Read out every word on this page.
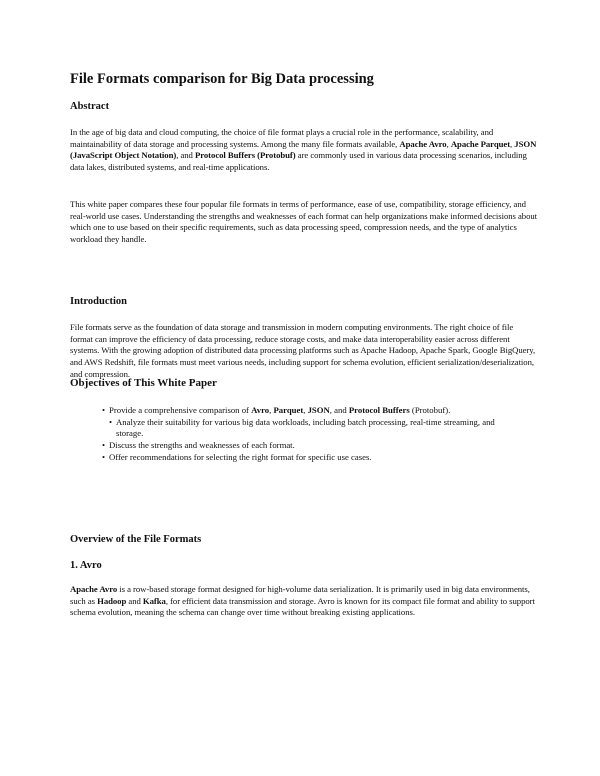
File Formats comparison for Big Data processing
Abstract

In the age of big data and cloud computing, the choice of file format plays a crucial role in the performance, scalability, and maintainability of data storage and processing systems. Among the many file formats available, Apache Avro, Apache Parquet, JSON (JavaScript Object Notation), and Protocol Buffers (Protobuf) are commonly used in various data processing scenarios, including data lakes, distributed systems, and real-time applications.

This white paper compares these four popular file formats in terms of performance, ease of use, compatibility, storage efficiency, and real-world use cases. Understanding the strengths and weaknesses of each format can help organizations make informed decisions about which one to use based on their specific requirements, such as data processing speed, compression needs, and the type of analytics workload they handle.

Introduction

File formats serve as the foundation of data storage and transmission in modern computing environments. The right choice of file format can improve the efficiency of data processing, reduce storage costs, and make data interoperability easier across different systems. With the growing adoption of distributed data processing platforms such as Apache Hadoop, Apache Spark, Google BigQuery, and AWS Redshift, file formats must meet various needs, including support for schema evolution, efficient serialization/deserialization, and compression.

Objectives of This White Paper
• Provide a comprehensive comparison of Avro, Parquet, JSON, and Protocol Buffers (Protobuf).
• Analyze their suitability for various big data workloads, including batch processing, real-time streaming, and storage.
• Discuss the strengths and weaknesses of each format.
• Offer recommendations for selecting the right format for specific use cases.
Overview of the File Formats
1. Avro

Apache Avro is a row-based storage format designed for high-volume data serialization. It is primarily used in big data environments, such as Hadoop and Kafka, for efficient data transmission and storage. Avro is known for its compact file format and ability to support schema evolution, meaning the schema can change over time without breaking existing applications.
